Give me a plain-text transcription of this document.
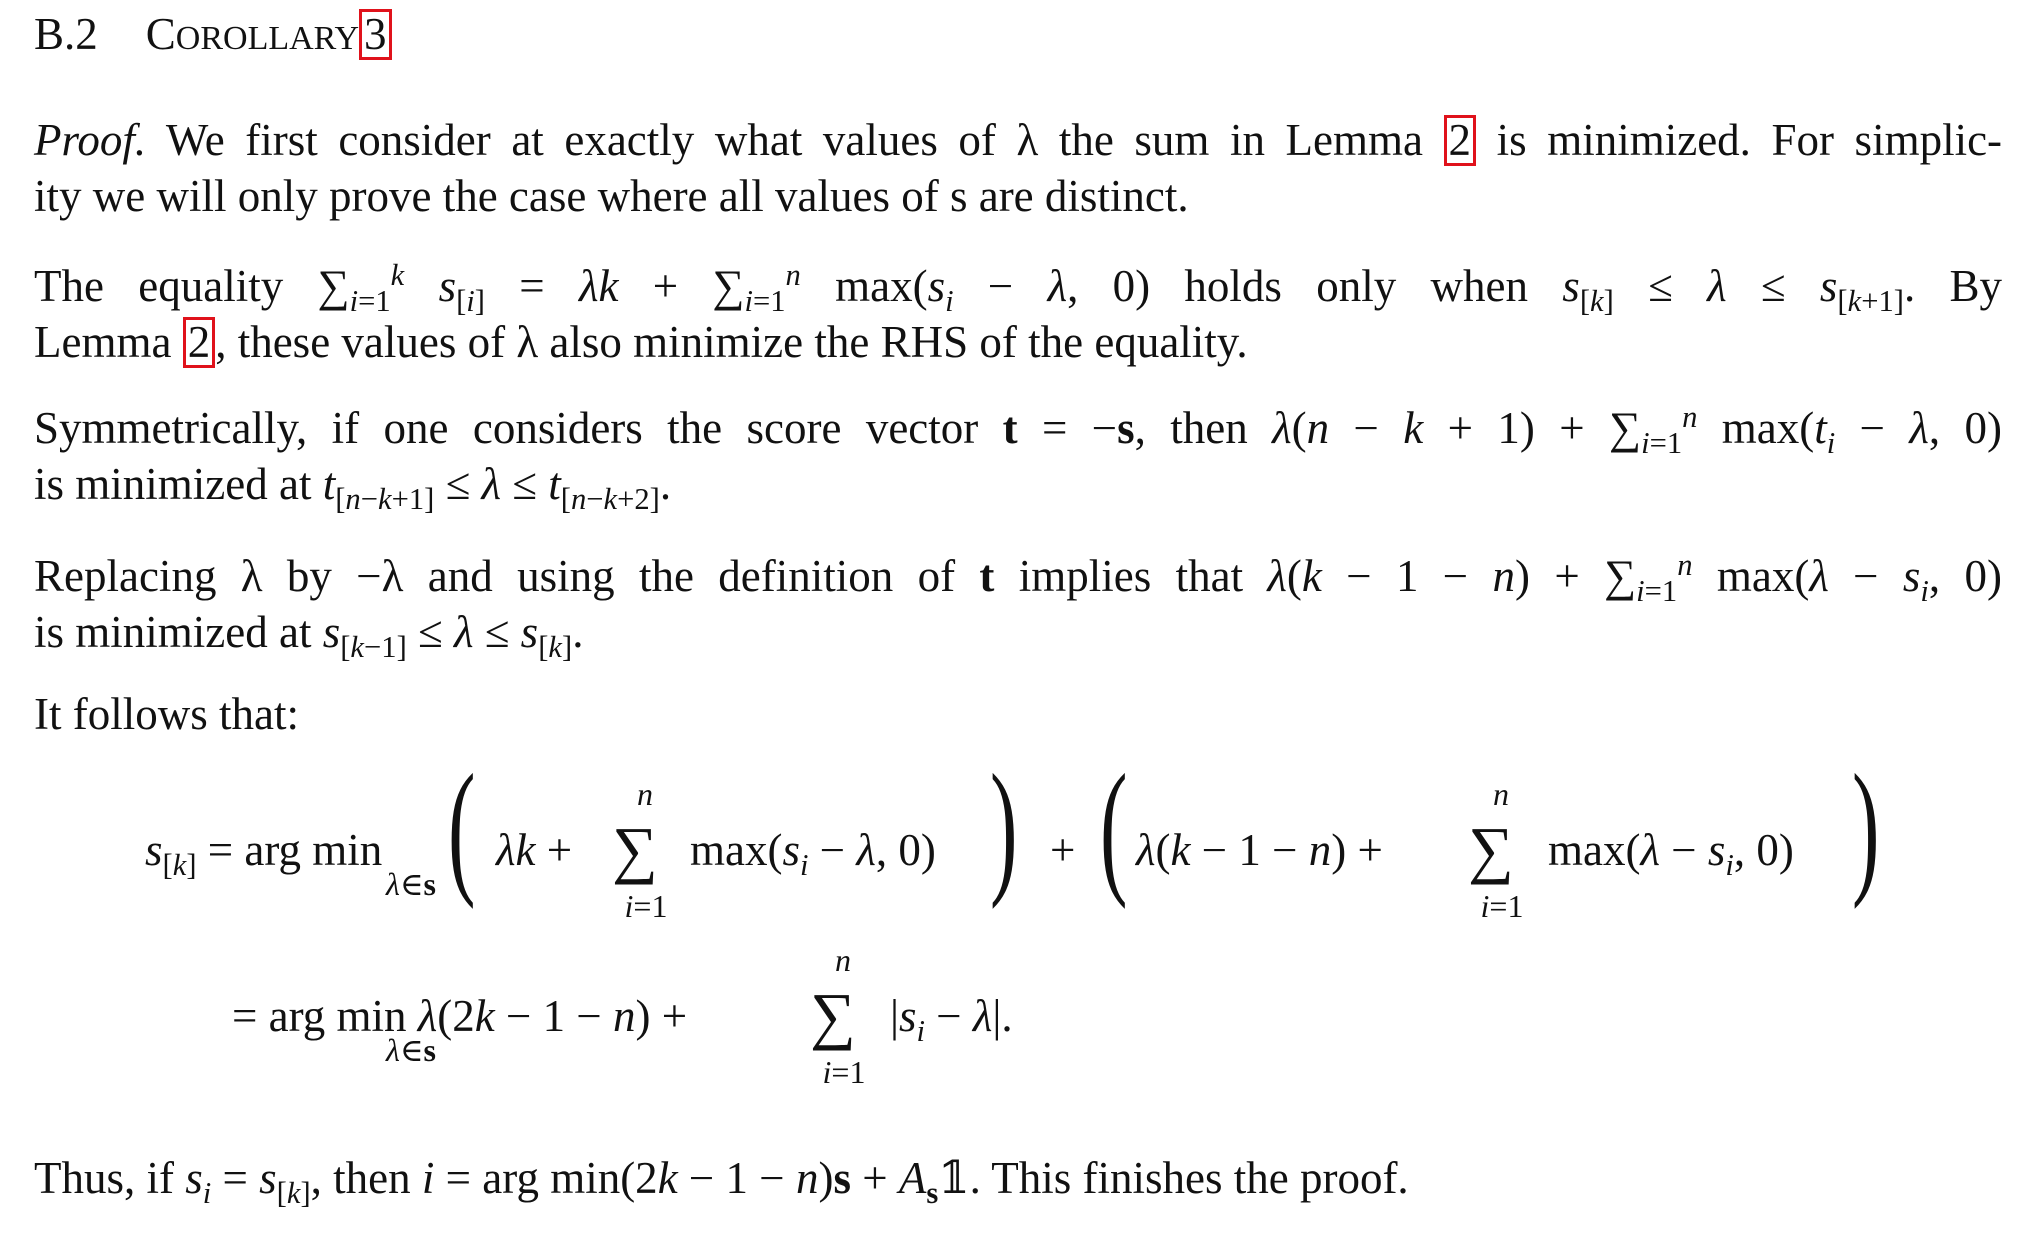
B.2 COROLLARY 3
Proof. We first consider at exactly what values of λ the sum in Lemma 2 is minimized. For simplic-
ity we will only prove the case where all values of s are distinct.
The equality $\sum_{i=1}^k$ $s_{[i]} = \lambda k + \sum_{i=1}^n$ $\max(s_i - \lambda$, 0) holds only when $s_{[k]} \le \lambda \le s_{[k+1]}$. By
Lemma 2 , these values of λ also minimize the RHS of the equality.
Symmetrically, if one considers the score vector t = −s, then $\lambda(n - k + 1) + \sum_{i=1}^n$ $\max(t_i - \lambda$, 0)
is minimized at $t_{[n-k+1]} \le \lambda \le t_{[n-k+2]}$.
Replacing λ by −λ and using the definition of t implies that $\lambda(k - 1 - n) + \sum_{i=1}^n$ $\max(\lambda - s_i$, 0)
is minimized at $s_{[k-1]} \le \lambda \le s_{[k]}$.
It follows that:
$s_{[k]}$ = arg min
λ∈s ( λk +
n
∑
i=1
$\max(s_i - \lambda$, 0) ) + ( λ(k − 1 − n) +
n
∑
i=1
$\max(\lambda - s_i$, 0) )
= arg min λ(2k − 1 − n) +
λ∈s
n
∑
i=1
$|s_i - \lambda|$.
Thus, if $s_i = s_{[k]}$, then i = arg $\min(2k - 1 - n)s + A_s𝟙$. This finishes the proof.
